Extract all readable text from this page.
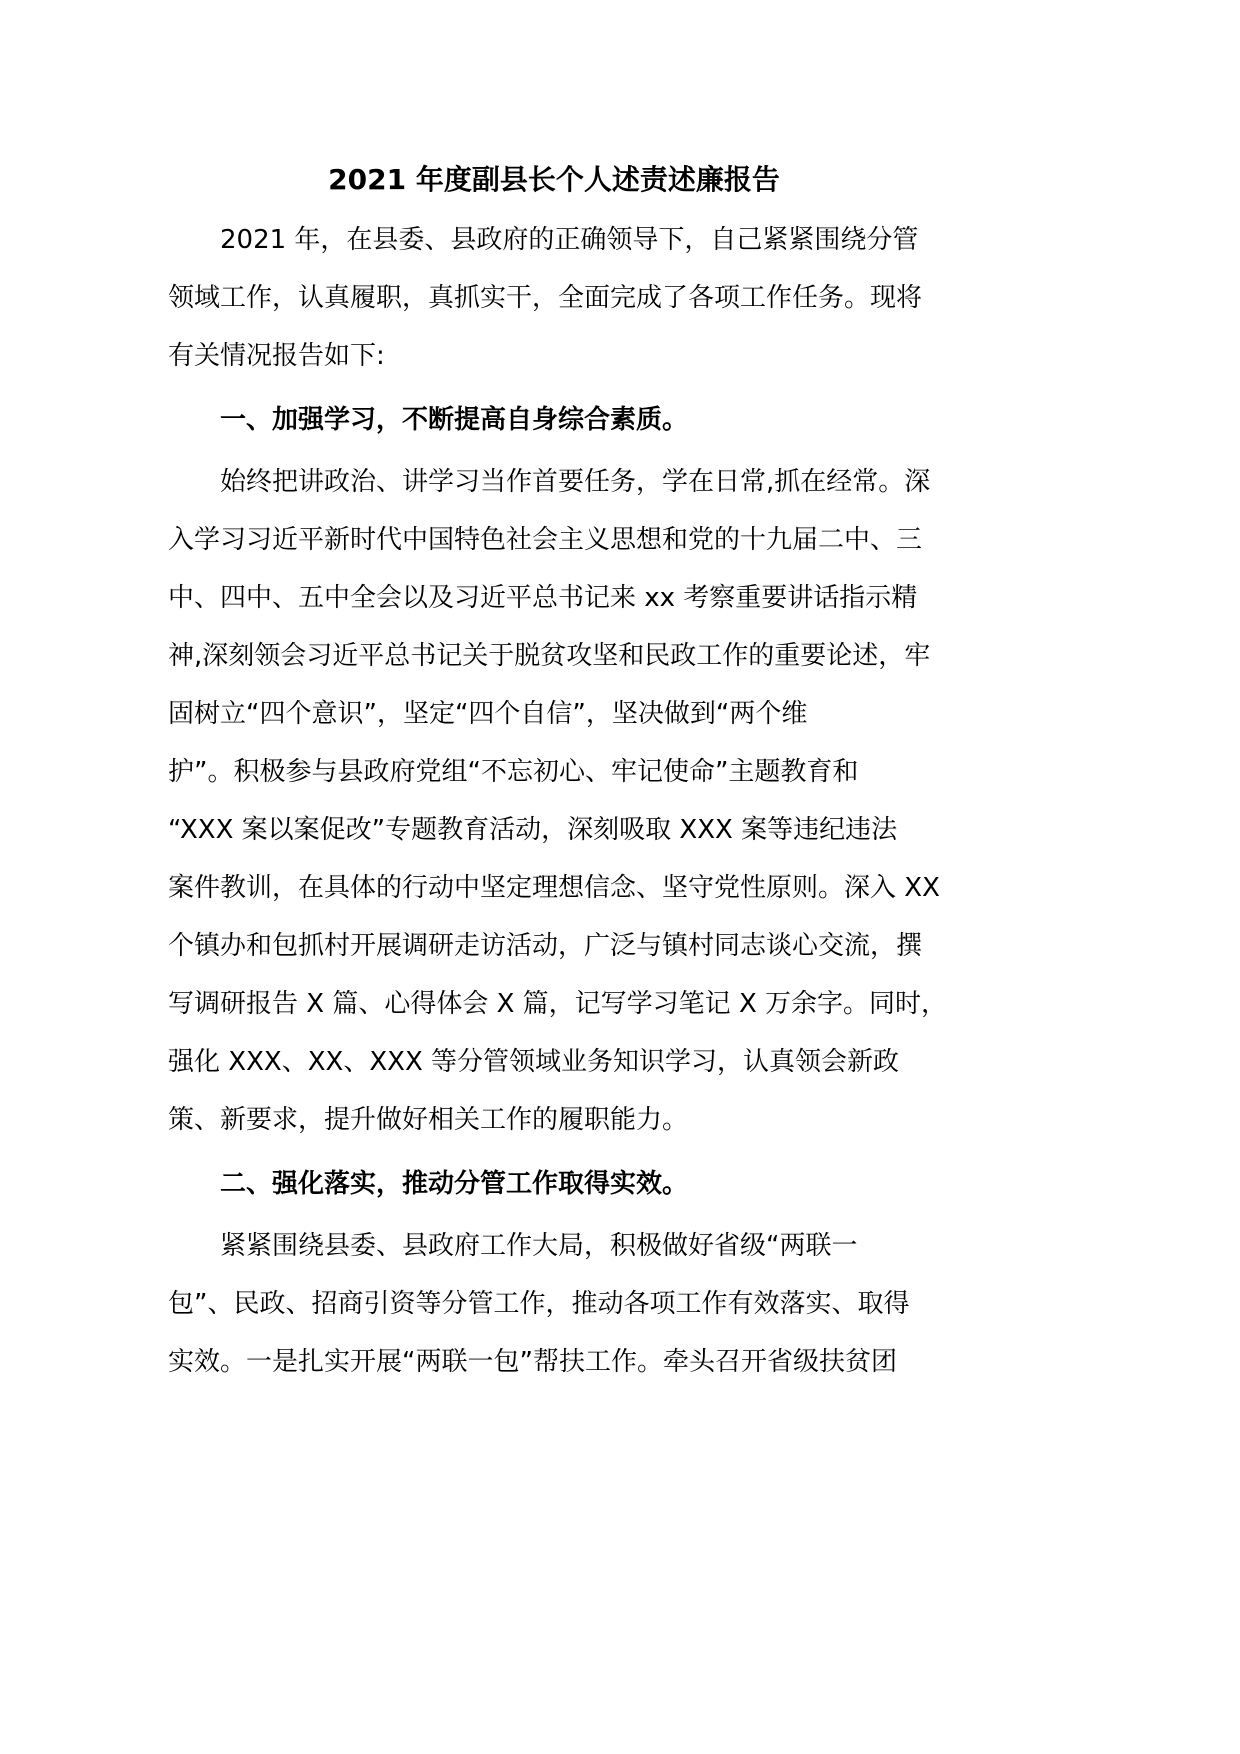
2021 年度副县长个人述责述廉报告
2021 年，在县委、县政府的正确领导下，自己紧紧围绕分管
领域工作，认真履职，真抓实干，全面完成了各项工作任务。现将
有关情况报告如下:
一、加强学习，不断提高自身综合素质。
始终把讲政治、讲学习当作首要任务，学在日常,抓在经常。深
入学习习近平新时代中国特色社会主义思想和党的十九届二中、三
中、四中、五中全会以及习近平总书记来 xx 考察重要讲话指示精
神,深刻领会习近平总书记关于脱贫攻坚和民政工作的重要论述，牢
固树立“四个意识”，坚定“四个自信”，坚决做到“两个维
护”。积极参与县政府党组“不忘初心、牢记使命”主题教育和
“XXX 案以案促改”专题教育活动，深刻吸取 XXX 案等违纪违法
案件教训，在具体的行动中坚定理想信念、坚守党性原则。深入 XX
个镇办和包抓村开展调研走访活动，广泛与镇村同志谈心交流，撰
写调研报告 X 篇、心得体会 X 篇，记写学习笔记 X 万余字。同时，
强化 XXX、XX、XXX 等分管领域业务知识学习，认真领会新政
策、新要求，提升做好相关工作的履职能力。
二、强化落实，推动分管工作取得实效。
紧紧围绕县委、县政府工作大局，积极做好省级“两联一
包”、民政、招商引资等分管工作，推动各项工作有效落实、取得
实效。一是扎实开展“两联一包”帮扶工作。牵头召开省级扶贫团
